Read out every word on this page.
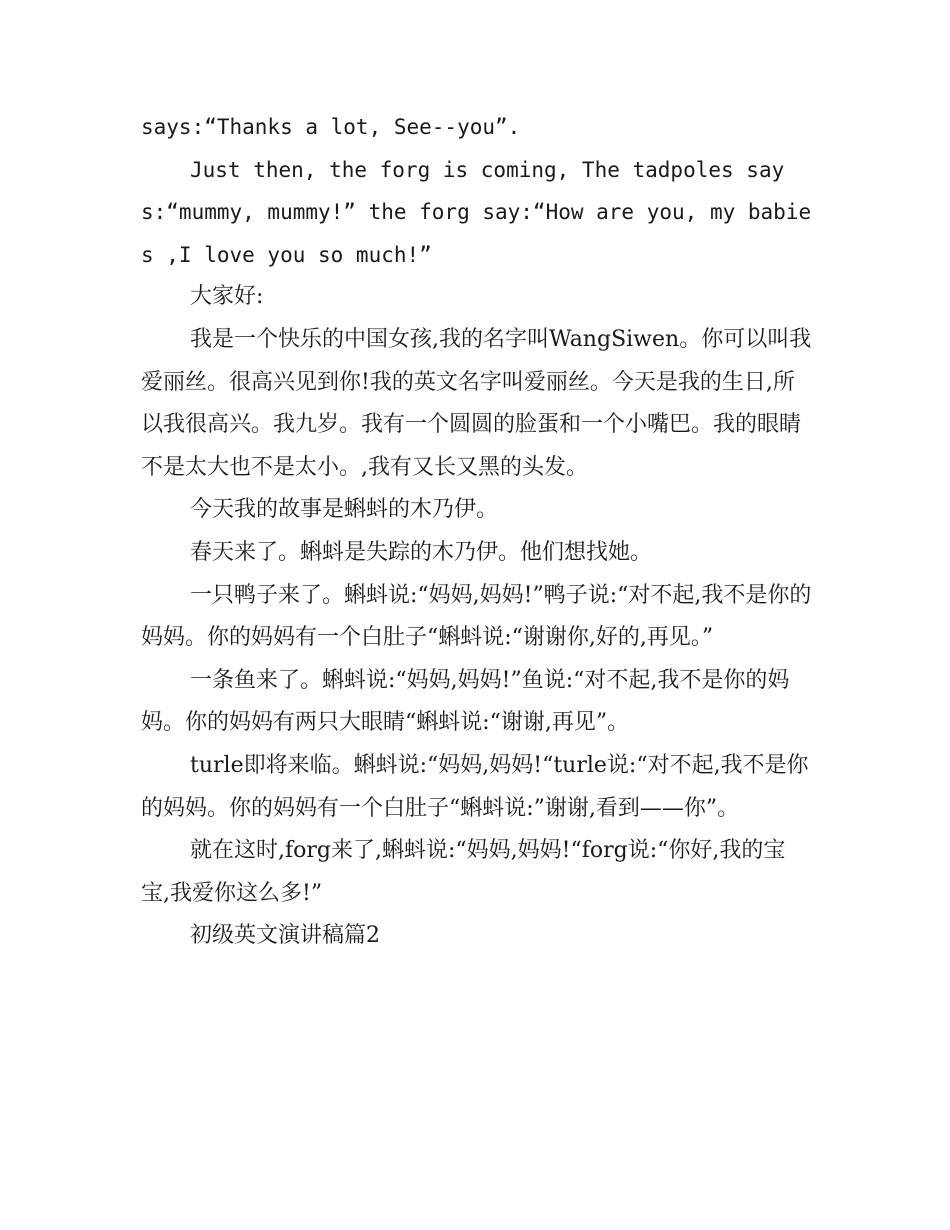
says:“Thanks a lot, See--you”.

Just then, the forg is coming, The tadpoles says:“mummy, mummy!” the forg say:“How are you, my babies ,I love you so much!”

大家好:

我是一个快乐的中国女孩,我的名字叫WangSiwen。你可以叫我爱丽丝。很高兴见到你!我的英文名字叫爱丽丝。今天是我的生日,所以我很高兴。我九岁。我有一个圆圆的脸蛋和一个小嘴巴。我的眼睛不是太大也不是太小。,我有又长又黑的头发。

今天我的故事是蝌蚪的木乃伊。

春天来了。蝌蚪是失踪的木乃伊。他们想找她。

一只鸭子来了。蝌蚪说:“妈妈,妈妈!”鸭子说:“对不起,我不是你的妈妈。你的妈妈有一个白肚子“蝌蚪说:“谢谢你,好的,再见。”

一条鱼来了。蝌蚪说:“妈妈,妈妈!”鱼说:“对不起,我不是你的妈妈。你的妈妈有两只大眼睛“蝌蚪说:“谢谢,再见”。

turle即将来临。蝌蚪说:“妈妈,妈妈!“turle说:“对不起,我不是你的妈妈。你的妈妈有一个白肚子“蝌蚪说:”谢谢,看到——你”。

就在这时,forg来了,蝌蚪说:“妈妈,妈妈!“forg说:“你好,我的宝宝,我爱你这么多!”

初级英文演讲稿篇2
